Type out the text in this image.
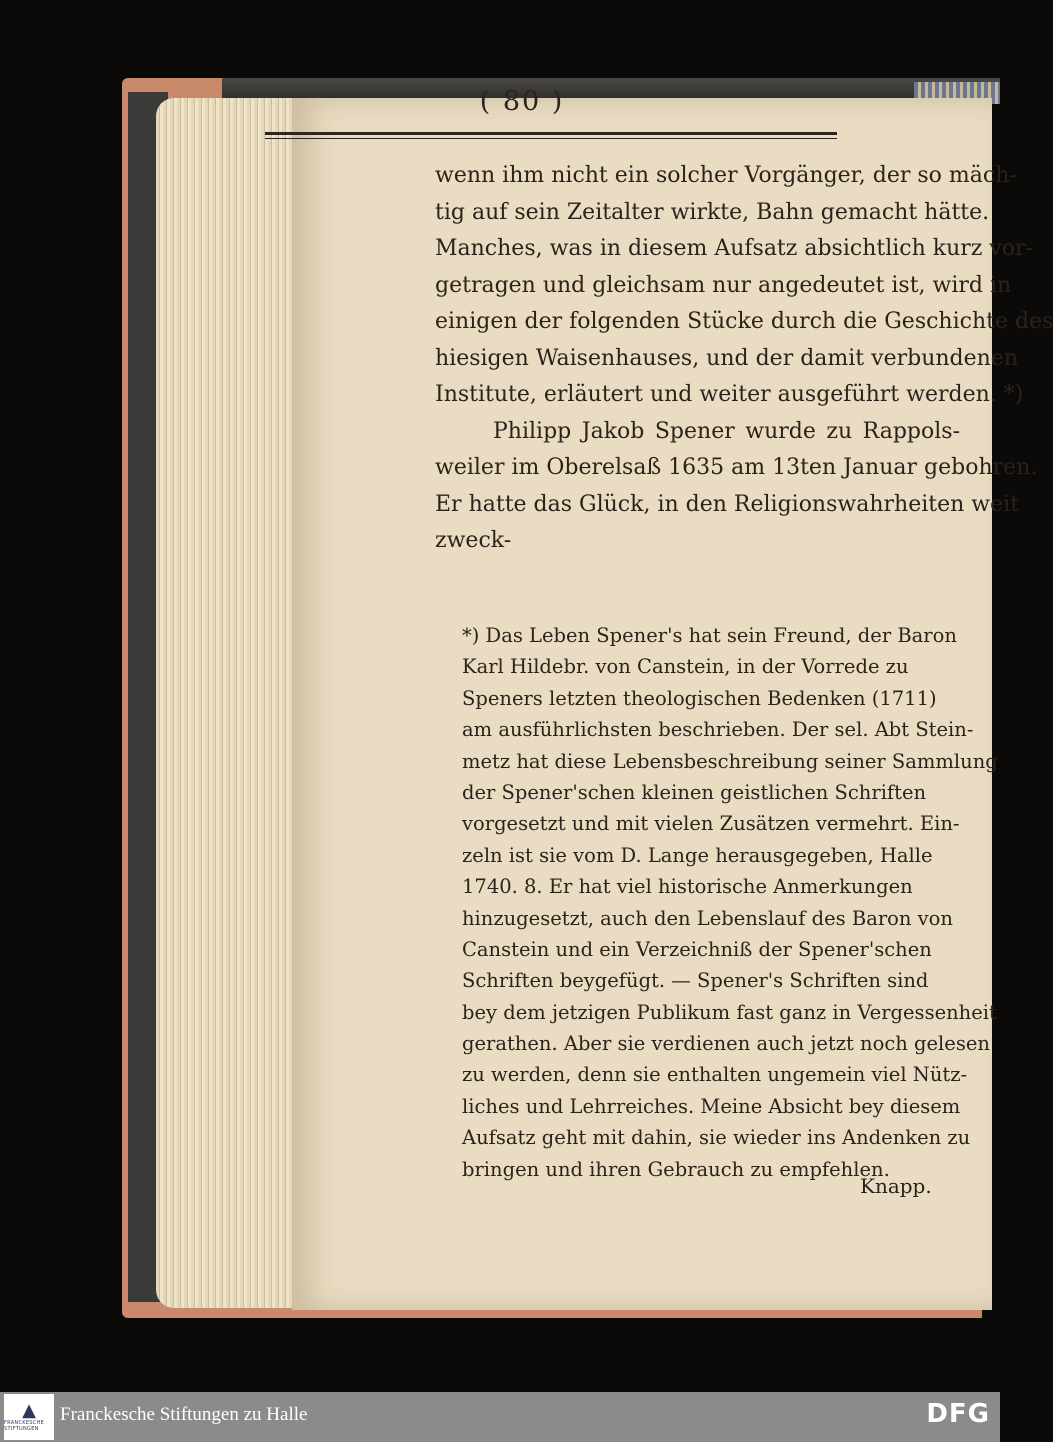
( 80 )
wenn ihm nicht ein solcher Vorgänger, der so mäch-
tig auf sein Zeitalter wirkte, Bahn gemacht hätte.
Manches, was in diesem Aufsatz absichtlich kurz vor-
getragen und gleichsam nur angedeutet ist, wird in
einigen der folgenden Stücke durch die Geschichte des
hiesigen Waisenhauses, und der damit verbundenen
Institute, erläutert und weiter ausgeführt werden. *)
Philipp Jakob Spener wurde zu Rappols-
weiler im Oberelsaß 1635 am 13ten Januar gebohren.
Er hatte das Glück, in den Religionswahrheiten weit
zweck-
*) Das Leben Spener's hat sein Freund, der Baron
Karl Hildebr. von Canstein, in der Vorrede zu
Speners letzten theologischen Bedenken (1711)
am ausführlichsten beschrieben. Der sel. Abt Stein-
metz hat diese Lebensbeschreibung seiner Sammlung
der Spener'schen kleinen geistlichen Schriften
vorgesetzt und mit vielen Zusätzen vermehrt. Ein-
zeln ist sie vom D. Lange herausgegeben, Halle
1740. 8. Er hat viel historische Anmerkungen
hinzugesetzt, auch den Lebenslauf des Baron von
Canstein und ein Verzeichniß der Spener'schen
Schriften beygefügt. — Spener's Schriften sind
bey dem jetzigen Publikum fast ganz in Vergessenheit
gerathen. Aber sie verdienen auch jetzt noch gelesen
zu werden, denn sie enthalten ungemein viel Nütz-
liches und Lehrreiches. Meine Absicht bey diesem
Aufsatz geht mit dahin, sie wieder ins Andenken zu
bringen und ihren Gebrauch zu empfehlen.
Knapp.
▲
FRANCKESCHE STIFTUNGEN
Franckesche Stiftungen zu Halle	DFG
